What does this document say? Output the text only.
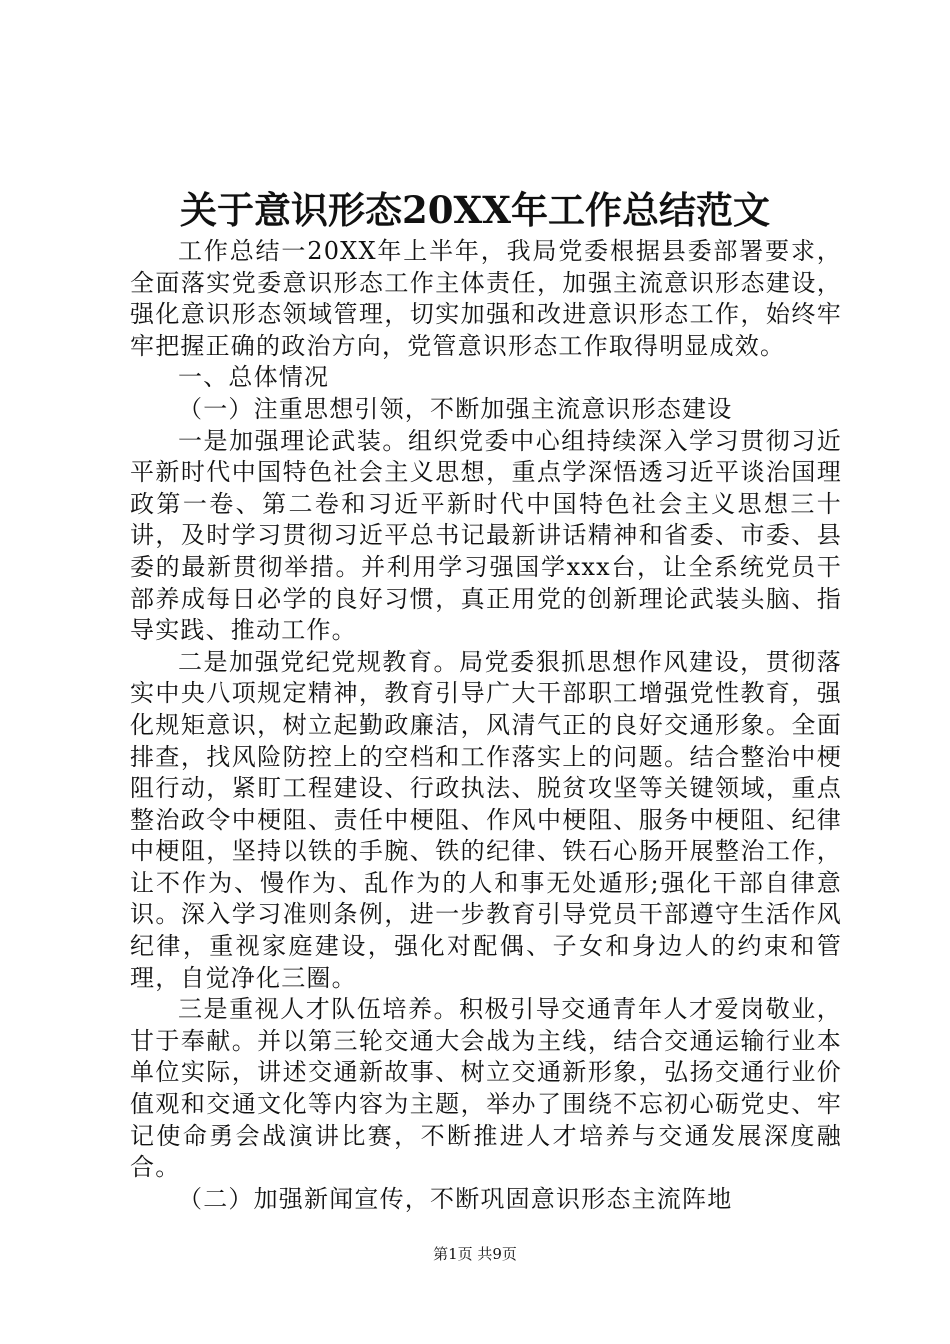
关于意识形态20XX年工作总结范文

工作总结一20XX年上半年，我局党委根据县委部署要求，全面落实党委意识形态工作主体责任，加强主流意识形态建设，强化意识形态领域管理，切实加强和改进意识形态工作，始终牢牢把握正确的政治方向，党管意识形态工作取得明显成效。

一、总体情况

（一）注重思想引领，不断加强主流意识形态建设

一是加强理论武装。组织党委中心组持续深入学习贯彻习近平新时代中国特色社会主义思想，重点学深悟透习近平谈治国理政第一卷、第二卷和习近平新时代中国特色社会主义思想三十讲，及时学习贯彻习近平总书记最新讲话精神和省委、市委、县委的最新贯彻举措。并利用学习强国学xxx台，让全系统党员干部养成每日必学的良好习惯，真正用党的创新理论武装头脑、指导实践、推动工作。

二是加强党纪党规教育。局党委狠抓思想作风建设，贯彻落实中央八项规定精神，教育引导广大干部职工增强党性教育，强化规矩意识，树立起勤政廉洁，风清气正的良好交通形象。全面排查，找风险防控上的空档和工作落实上的问题。结合整治中梗阻行动，紧盯工程建设、行政执法、脱贫攻坚等关键领域，重点整治政令中梗阻、责任中梗阻、作风中梗阻、服务中梗阻、纪律中梗阻，坚持以铁的手腕、铁的纪律、铁石心肠开展整治工作，让不作为、慢作为、乱作为的人和事无处遁形;强化干部自律意识。深入学习准则条例，进一步教育引导党员干部遵守生活作风纪律，重视家庭建设，强化对配偶、子女和身边人的约束和管理，自觉净化三圈。

三是重视人才队伍培养。积极引导交通青年人才爱岗敬业，甘于奉献。并以第三轮交通大会战为主线，结合交通运输行业本单位实际，讲述交通新故事、树立交通新形象，弘扬交通行业价值观和交通文化等内容为主题，举办了围绕不忘初心砺党史、牢记使命勇会战演讲比赛，不断推进人才培养与交通发展深度融合。

（二）加强新闻宣传，不断巩固意识形态主流阵地

第1页 共9页
